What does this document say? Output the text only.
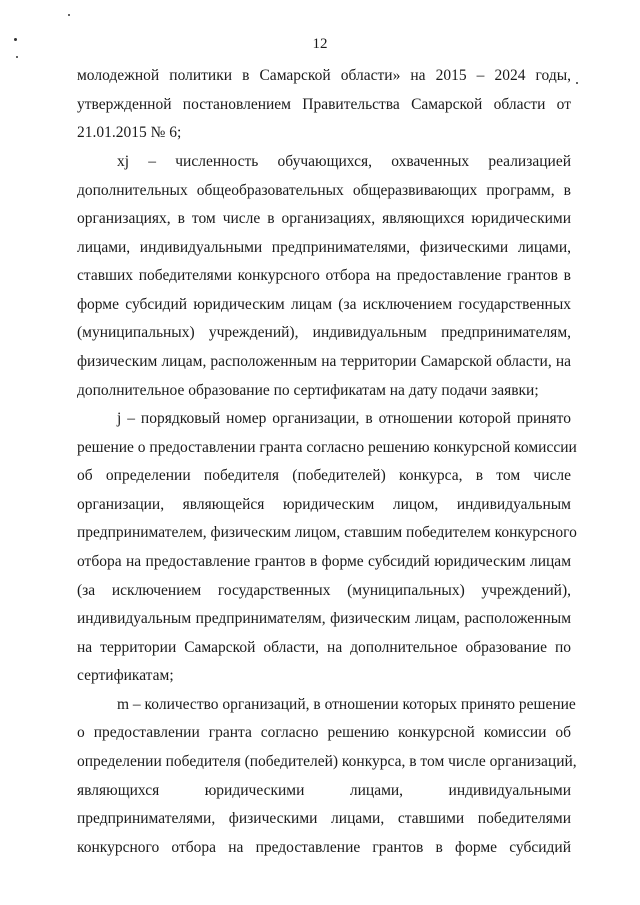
12
молодежной политики в Самарской области» на 2015 – 2024 годы,
утвержденной постановлением Правительства Самарской области от
21.01.2015 № 6;
xj – численность обучающихся, охваченных реализацией
дополнительных общеобразовательных общеразвивающих программ, в
организациях, в том числе в организациях, являющихся юридическими
лицами, индивидуальными предпринимателями, физическими лицами,
ставших победителями конкурсного отбора на предоставление грантов в
форме субсидий юридическим лицам (за исключением государственных
(муниципальных) учреждений), индивидуальным предпринимателям,
физическим лицам, расположенным на территории Самарской области, на
дополнительное образование по сертификатам на дату подачи заявки;
j – порядковый номер организации, в отношении которой принято
решение о предоставлении гранта согласно решению конкурсной комиссии
об определении победителя (победителей) конкурса, в том числе
организации, являющейся юридическим лицом, индивидуальным
предпринимателем, физическим лицом, ставшим победителем конкурсного
отбора на предоставление грантов в форме субсидий юридическим лицам
(за исключением государственных (муниципальных) учреждений),
индивидуальным предпринимателям, физическим лицам, расположенным
на территории Самарской области, на дополнительное образование по
сертификатам;
m – количество организаций, в отношении которых принято решение
о предоставлении гранта согласно решению конкурсной комиссии об
определении победителя (победителей) конкурса, в том числе организаций,
являющихся юридическими лицами, индивидуальными
предпринимателями, физическими лицами, ставшими победителями
конкурсного отбора на предоставление грантов в форме субсидий
